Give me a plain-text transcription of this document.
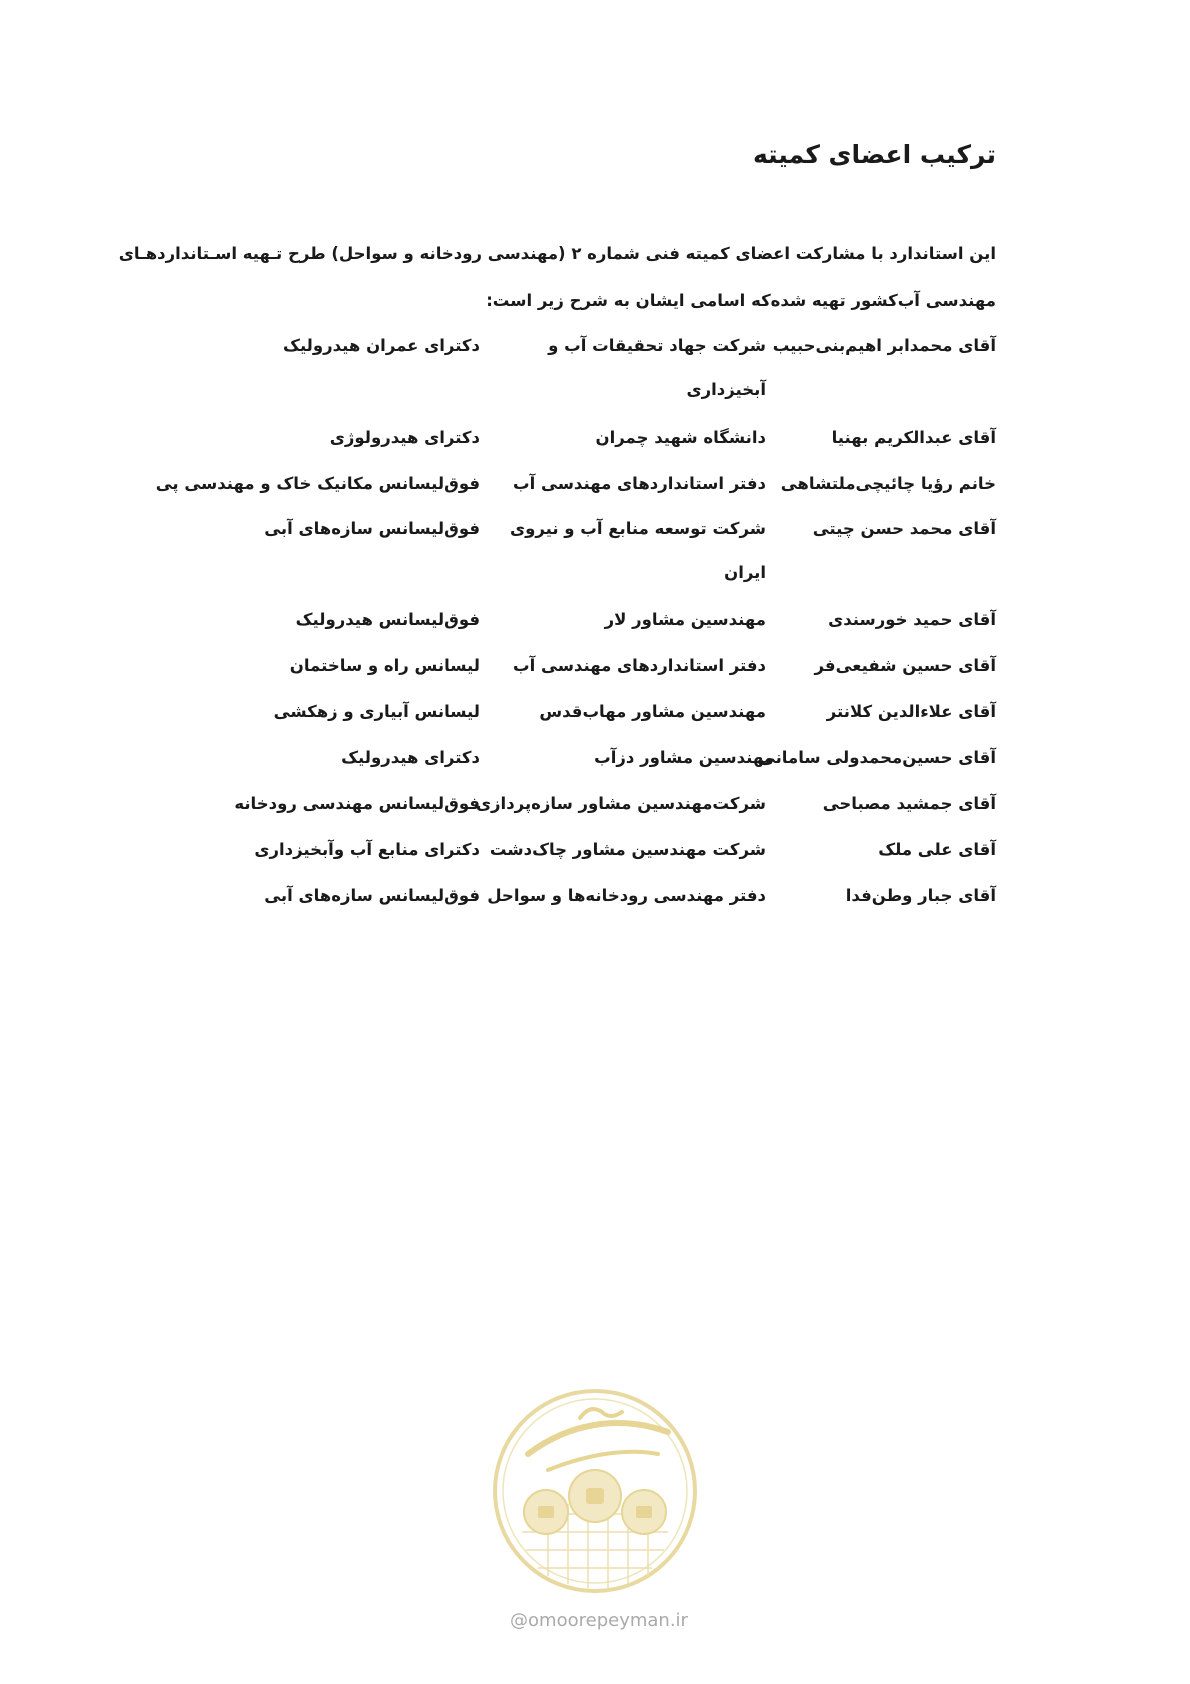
ترکیب اعضای کمیته
این استاندارد با مشارکت اعضای کمیته فنی شماره ۲ (مهندسی رودخانه و سواحل) طرح تـهیه اسـتانداردهـای
مهندسی آب‌کشور تهیه شده‌که اسامی ایشان به شرح زیر است:
آقای محمدابر اهیم‌بنی‌حبیب
شرکت جهاد تحقیقات آب و
دکترای عمران هیدرولیک
آبخیزداری
آقای عبدالکریم بهنیا
دانشگاه شهید چمران
دکترای هیدرولوژی
خانم رؤیا چائیچی‌ملتشاهی
دفتر استانداردهای مهندسی آب
فوق‌لیسانس مکانیک خاک و مهندسی پی
آقای محمد حسن چیتی
شرکت توسعه منابع آب و نیروی
فوق‌لیسانس سازه‌های آبی
ایران
آقای حمید خورسندی
مهندسین مشاور لار
فوق‌لیسانس هیدرولیک
آقای حسین شفیعی‌فر
دفتر استانداردهای مهندسی آب
لیسانس راه و ساختمان
آقای علاءالدین کلانتر
مهندسین مشاور مهاب‌قدس
لیسانس آبیاری و زهکشی
آقای حسین‌محمدولی سامانی
مهندسین مشاور دزآب
دکترای هیدرولیک
آقای جمشید مصباحی
شرکت‌مهندسین مشاور سازه‌پردازی
فوق‌لیسانس مهندسی رودخانه
آقای علی ملک
شرکت مهندسین مشاور چاک‌دشت
دکترای منابع آب وآبخیزداری
آقای جبار وطن‌فدا
دفتر مهندسی رودخانه‌ها و سواحل
فوق‌لیسانس سازه‌های آبی
@omoorepeyman.ir
